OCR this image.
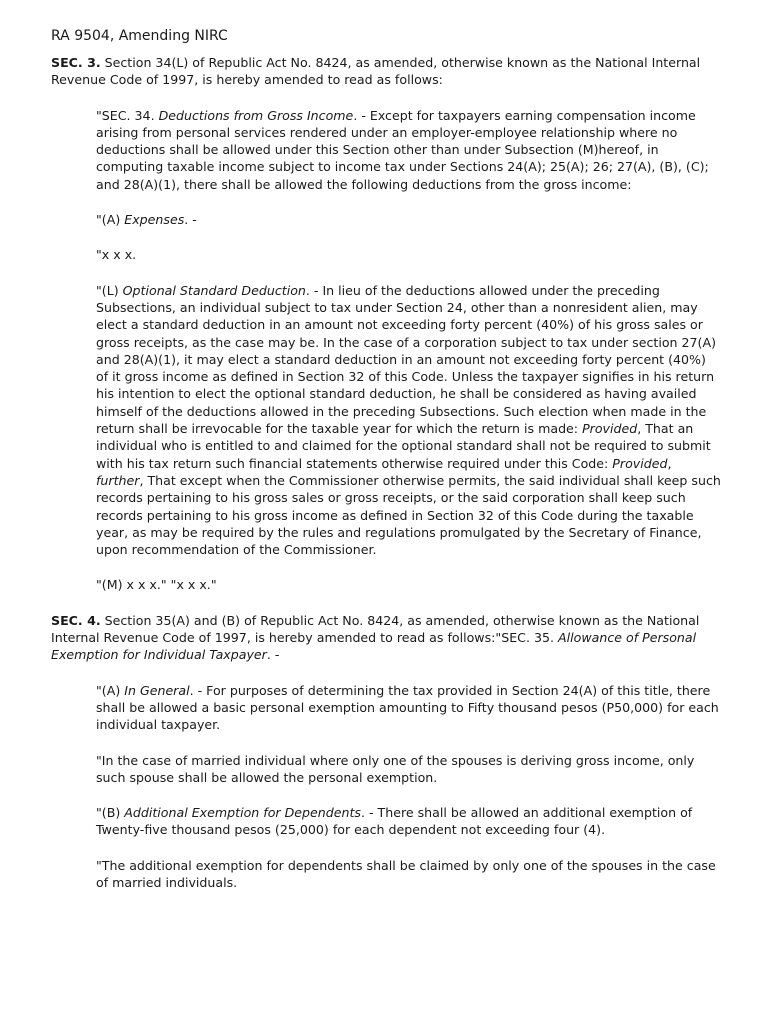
RA 9504, Amending NIRC

SEC. 3. Section 34(L) of Republic Act No. 8424, as amended, otherwise known as the National Internal Revenue Code of 1997, is hereby amended to read as follows:

"SEC. 34. Deductions from Gross Income. - Except for taxpayers earning compensation income arising from personal services rendered under an employer-employee relationship where no deductions shall be allowed under this Section other than under Subsection (M)hereof, in computing taxable income subject to income tax under Sections 24(A); 25(A); 26; 27(A), (B), (C); and 28(A)(1), there shall be allowed the following deductions from the gross income:

"(A) Expenses. -

"x x x.

"(L) Optional Standard Deduction. - In lieu of the deductions allowed under the preceding Subsections, an individual subject to tax under Section 24, other than a nonresident alien, may elect a standard deduction in an amount not exceeding forty percent (40%) of his gross sales or gross receipts, as the case may be. In the case of a corporation subject to tax under section 27(A) and 28(A)(1), it may elect a standard deduction in an amount not exceeding forty percent (40%) of it gross income as defined in Section 32 of this Code. Unless the taxpayer signifies in his return his intention to elect the optional standard deduction, he shall be considered as having availed himself of the deductions allowed in the preceding Subsections. Such election when made in the return shall be irrevocable for the taxable year for which the return is made: Provided, That an individual who is entitled to and claimed for the optional standard shall not be required to submit with his tax return such financial statements otherwise required under this Code: Provided, further, That except when the Commissioner otherwise permits, the said individual shall keep such records pertaining to his gross sales or gross receipts, or the said corporation shall keep such records pertaining to his gross income as defined in Section 32 of this Code during the taxable year, as may be required by the rules and regulations promulgated by the Secretary of Finance, upon recommendation of the Commissioner.

"(M) x x x." "x x x."

SEC. 4. Section 35(A) and (B) of Republic Act No. 8424, as amended, otherwise known as the National Internal Revenue Code of 1997, is hereby amended to read as follows:"SEC. 35. Allowance of Personal Exemption for Individual Taxpayer. -

"(A) In General. - For purposes of determining the tax provided in Section 24(A) of this title, there shall be allowed a basic personal exemption amounting to Fifty thousand pesos (P50,000) for each individual taxpayer.

"In the case of married individual where only one of the spouses is deriving gross income, only such spouse shall be allowed the personal exemption.

"(B) Additional Exemption for Dependents. - There shall be allowed an additional exemption of Twenty-five thousand pesos (25,000) for each dependent not exceeding four (4).

"The additional exemption for dependents shall be claimed by only one of the spouses in the case of married individuals.
